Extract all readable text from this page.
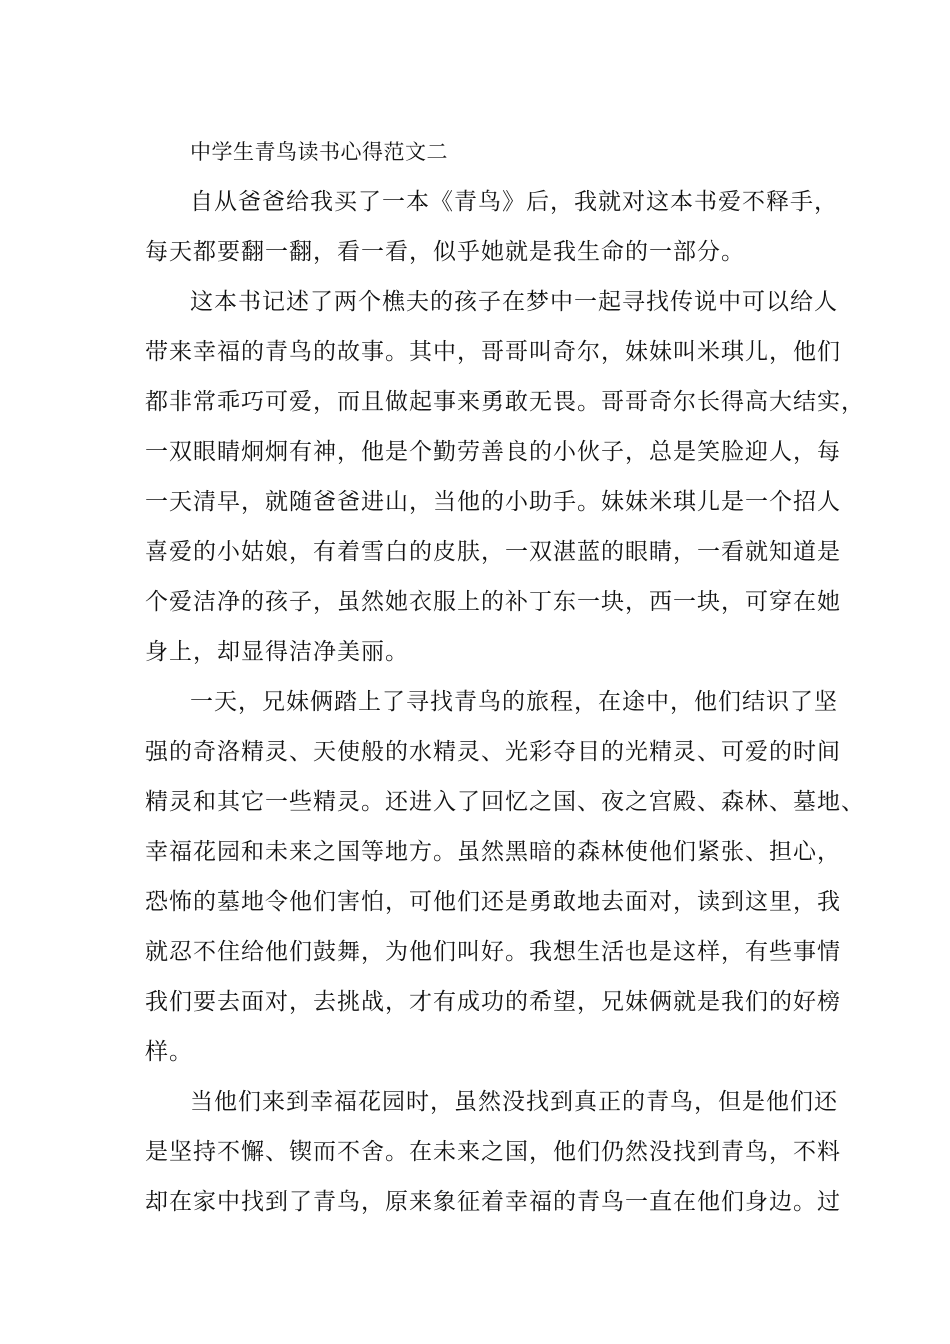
中学生青鸟读书心得范文二
自从爸爸给我买了一本《青鸟》后，我就对这本书爱不释手，
每天都要翻一翻，看一看，似乎她就是我生命的一部分。
这本书记述了两个樵夫的孩子在梦中一起寻找传说中可以给人
带来幸福的青鸟的故事。其中，哥哥叫奇尔，妹妹叫米琪儿，他们
都非常乖巧可爱，而且做起事来勇敢无畏。哥哥奇尔长得高大结实，
一双眼睛炯炯有神，他是个勤劳善良的小伙子，总是笑脸迎人，每
一天清早，就随爸爸进山，当他的小助手。妹妹米琪儿是一个招人
喜爱的小姑娘，有着雪白的皮肤，一双湛蓝的眼睛，一看就知道是
个爱洁净的孩子，虽然她衣服上的补丁东一块，西一块，可穿在她
身上，却显得洁净美丽。
一天，兄妹俩踏上了寻找青鸟的旅程，在途中，他们结识了坚
强的奇洛精灵、天使般的水精灵、光彩夺目的光精灵、可爱的时间
精灵和其它一些精灵。还进入了回忆之国、夜之宫殿、森林、墓地、
幸福花园和未来之国等地方。虽然黑暗的森林使他们紧张、担心，
恐怖的墓地令他们害怕，可他们还是勇敢地去面对，读到这里，我
就忍不住给他们鼓舞，为他们叫好。我想生活也是这样，有些事情
我们要去面对，去挑战，才有成功的希望，兄妹俩就是我们的好榜
样。
当他们来到幸福花园时，虽然没找到真正的青鸟，但是他们还
是坚持不懈、锲而不舍。在未来之国，他们仍然没找到青鸟，不料
却在家中找到了青鸟，原来象征着幸福的青鸟一直在他们身边。过
